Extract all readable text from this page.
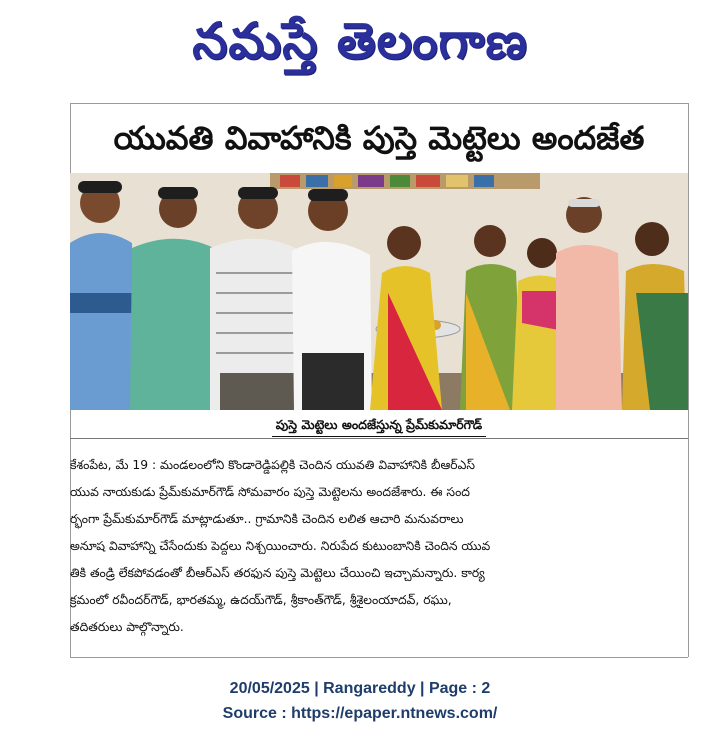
నమస్తే తెలంగాణ
యువతి వివాహానికి పుస్తె మెట్టెలు అందజేత
పుస్తె మెట్టెలు అందజేస్తున్న ప్రేమ్‌కుమార్‌గౌడ్

కేశంపేట, మే 19 : మండలంలోని కొండారెడ్డిపల్లికి చెందిన యువతి వివాహానికి బీఆర్‌ఎస్
యువ నాయకుడు ప్రేమ్‌కుమార్‌గౌడ్ సోమవారం పుస్తె మెట్టెలను అందజేశారు. ఈ సంద
ర్భంగా ప్రేమ్‌కుమార్‌గౌడ్ మాట్లాడుతూ.. గ్రామానికి చెందిన లలిత ఆచారి మనువరాలు
అనూష వివాహాన్ని చేసేందుకు పెద్దలు నిశ్చయించారు. నిరుపేద కుటుంబానికి చెందిన యువ
తికి తండ్రి లేకపోవడంతో బీఆర్‌ఎస్ తరఫున పుస్తె మెట్టెలు చేయించి ఇచ్చామన్నారు. కార్య
క్రమంలో రవీందర్‌గౌడ్, భారతమ్మ, ఉదయ్‌గౌడ్, శ్రీకాంత్‌గౌడ్, శ్రీశైలంయాదవ్, రఘు,
తదితరులు పాల్గొన్నారు.

20/05/2025 | Rangareddy | Page : 2
Source : https://epaper.ntnews.com/
